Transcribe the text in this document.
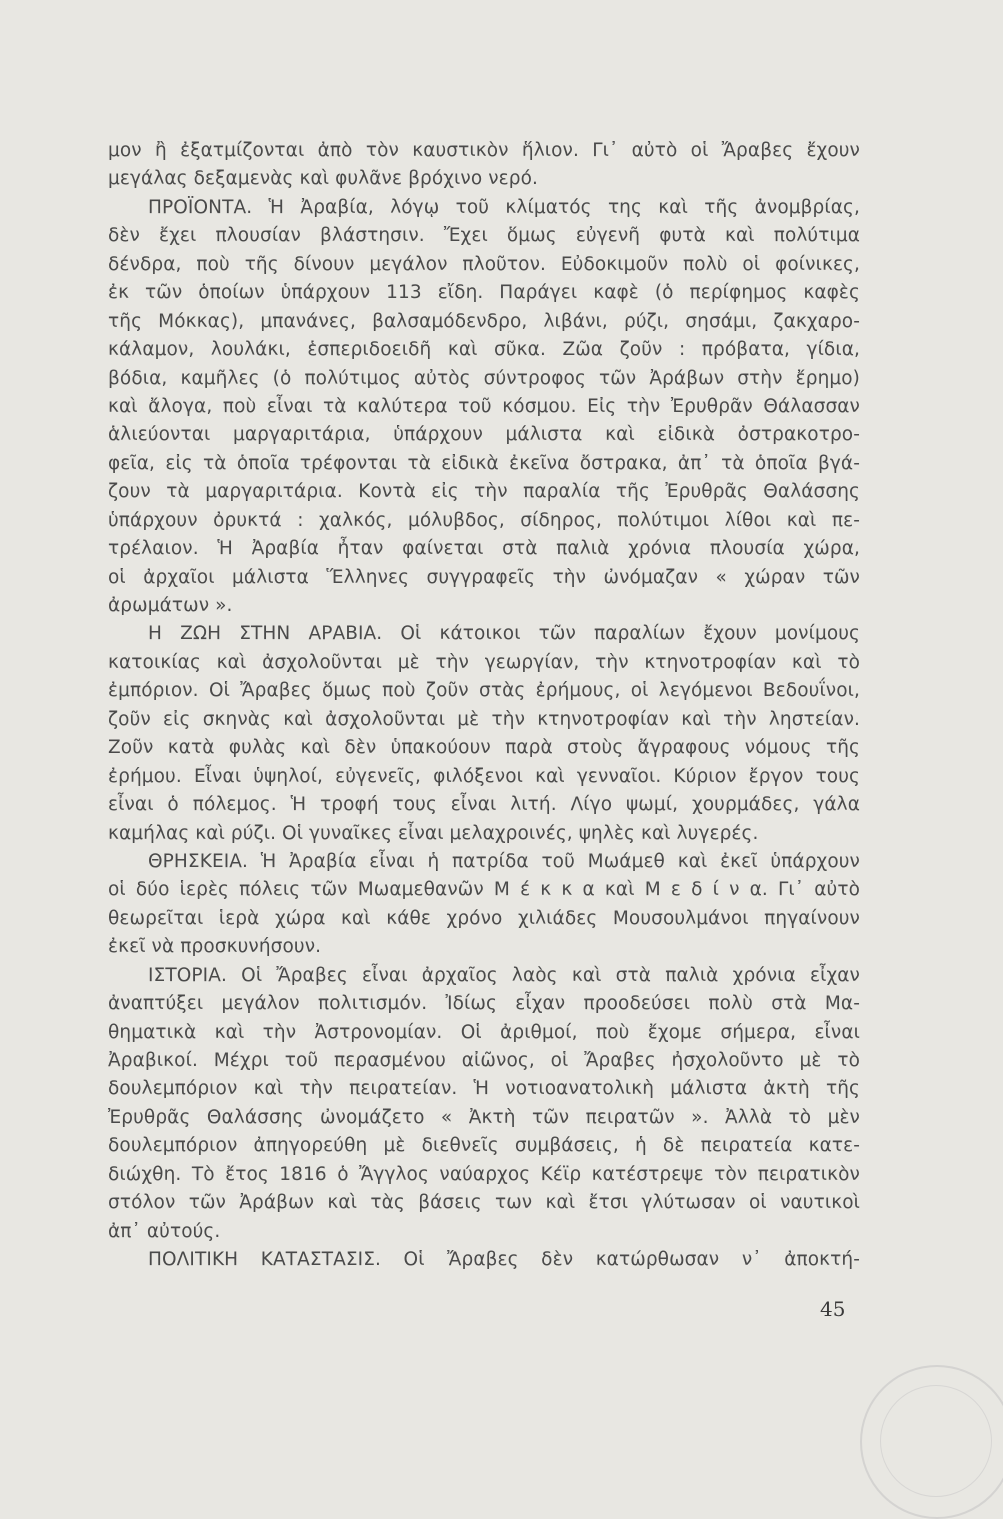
μον ἢ ἐξατμίζονται ἀπὸ τὸν καυστικὸν ἥλιον. Γι᾿ αὐτὸ οἱ Ἄραβες ἔχουν
μεγάλας δεξαμενὰς καὶ φυλᾶνε βρόχινο νερό.
ΠΡΟΪΟΝΤΑ. Ἡ Ἀραβία, λόγῳ τοῦ κλίματός της καὶ τῆς ἀνομβρίας,
δὲν ἔχει πλουσίαν βλάστησιν. Ἔχει ὅμως εὐγενῆ φυτὰ καὶ πολύτιμα
δένδρα, ποὺ τῆς δίνουν μεγάλον πλοῦτον. Εὐδοκιμοῦν πολὺ οἱ φοίνικες,
ἐκ τῶν ὁποίων ὑπάρχουν 113 εἴδη. Παράγει καφὲ (ὁ περίφημος καφὲς
τῆς Μόκκας), μπανάνες, βαλσαμόδενδρο, λιβάνι, ρύζι, σησάμι, ζακχαρο-
κάλαμον, λουλάκι, ἑσπεριδοειδῆ καὶ σῦκα. Ζῶα ζοῦν : πρόβατα, γίδια,
βόδια, καμῆλες (ὁ πολύτιμος αὐτὸς σύντροφος τῶν Ἀράβων στὴν ἔρημο)
καὶ ἄλογα, ποὺ εἶναι τὰ καλύτερα τοῦ κόσμου. Εἰς τὴν Ἐρυθρᾶν Θάλασσαν
ἁλιεύονται μαργαριτάρια, ὑπάρχουν μάλιστα καὶ εἰδικὰ ὀστρακοτρο-
φεῖα, εἰς τὰ ὁποῖα τρέφονται τὰ εἰδικὰ ἐκεῖνα ὄστρακα, ἀπ᾿ τὰ ὁποῖα βγά-
ζουν τὰ μαργαριτάρια. Κοντὰ εἰς τὴν παραλία τῆς Ἐρυθρᾶς Θαλάσσης
ὑπάρχουν ὀρυκτά : χαλκός, μόλυβδος, σίδηρος, πολύτιμοι λίθοι καὶ πε-
τρέλαιον. Ἡ Ἀραβία ἦταν φαίνεται στὰ παλιὰ χρόνια πλουσία χώρα,
οἱ ἀρχαῖοι μάλιστα Ἕλληνες συγγραφεῖς τὴν ὠνόμαζαν « χώραν τῶν
ἀρωμάτων ».
Η ΖΩΗ ΣΤΗΝ ΑΡΑΒΙΑ. Οἱ κάτοικοι τῶν παραλίων ἔχουν μονίμους
κατοικίας καὶ ἀσχολοῦνται μὲ τὴν γεωργίαν, τὴν κτηνοτροφίαν καὶ τὸ
ἐμπόριον. Οἱ Ἄραβες ὅμως ποὺ ζοῦν στὰς ἐρήμους, οἱ λεγόμενοι Βεδουΐνοι,
ζοῦν εἰς σκηνὰς καὶ ἀσχολοῦνται μὲ τὴν κτηνοτροφίαν καὶ τὴν ληστείαν.
Ζοῦν κατὰ φυλὰς καὶ δὲν ὑπακούουν παρὰ στοὺς ἄγραφους νόμους τῆς
ἐρήμου. Εἶναι ὑψηλοί, εὐγενεῖς, φιλόξενοι καὶ γενναῖοι. Κύριον ἔργον τους
εἶναι ὁ πόλεμος. Ἡ τροφή τους εἶναι λιτή. Λίγο ψωμί, χουρμάδες, γάλα
καμήλας καὶ ρύζι. Οἱ γυναῖκες εἶναι μελαχροινές, ψηλὲς καὶ λυγερές.
ΘΡΗΣΚΕΙΑ. Ἡ Ἀραβία εἶναι ἡ πατρίδα τοῦ Μωάμεθ καὶ ἐκεῖ ὑπάρχουν
οἱ δύο ἱερὲς πόλεις τῶν Μωαμεθανῶν Μ έ κ κ α καὶ Μ ε δ ί ν α. Γι᾿ αὐτὸ
θεωρεῖται ἱερὰ χώρα καὶ κάθε χρόνο χιλιάδες Μουσουλμάνοι πηγαίνουν
ἐκεῖ νὰ προσκυνήσουν.
ΙΣΤΟΡΙΑ. Οἱ Ἄραβες εἶναι ἀρχαῖος λαὸς καὶ στὰ παλιὰ χρόνια εἶχαν
ἀναπτύξει μεγάλον πολιτισμόν. Ἰδίως εἶχαν προοδεύσει πολὺ στὰ Μα-
θηματικὰ καὶ τὴν Ἀστρονομίαν. Οἱ ἀριθμοί, ποὺ ἔχομε σήμερα, εἶναι
Ἀραβικοί. Μέχρι τοῦ περασμένου αἰῶνος, οἱ Ἄραβες ἠσχολοῦντο μὲ τὸ
δουλεμπόριον καὶ τὴν πειρατείαν. Ἡ νοτιοανατολικὴ μάλιστα ἀκτὴ τῆς
Ἐρυθρᾶς Θαλάσσης ὠνομάζετο « Ἀκτὴ τῶν πειρατῶν ». Ἀλλὰ τὸ μὲν
δουλεμπόριον ἀπηγορεύθη μὲ διεθνεῖς συμβάσεις, ἡ δὲ πειρατεία κατε-
διώχθη. Τὸ ἔτος 1816 ὁ Ἄγγλος ναύαρχος Κέϊρ κατέστρεψε τὸν πειρατικὸν
στόλον τῶν Ἀράβων καὶ τὰς βάσεις των καὶ ἔτσι γλύτωσαν οἱ ναυτικοὶ
ἀπ᾿ αὐτούς.
ΠΟΛΙΤΙΚΗ ΚΑΤΑΣΤΑΣΙΣ. Οἱ Ἄραβες δὲν κατώρθωσαν ν᾿ ἀποκτή-
45
